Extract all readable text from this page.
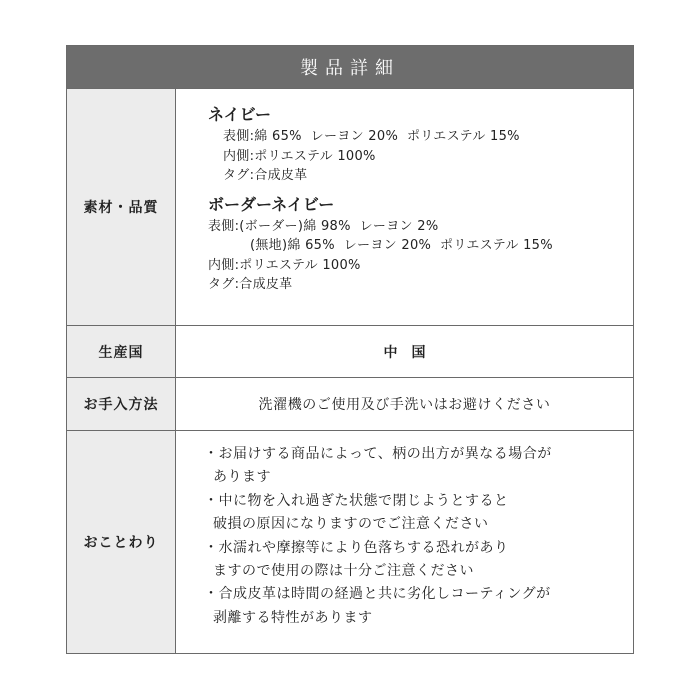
製品詳細
素材・品質
ネイビー
表側:綿 65%  レーヨン 20%  ポリエステル 15%
内側:ポリエステル 100%
タグ:合成皮革
ボーダーネイビー
表側:(ボーダー)綿 98%  レーヨン 2%
(無地)綿 65%  レーヨン 20%  ポリエステル 15%
内側:ポリエステル 100%
タグ:合成皮革
生産国	中　国
お手入方法	洗濯機のご使用及び手洗いはお避けください
おことわり
・お届けする商品によって、柄の出方が異なる場合が
あります
・中に物を入れ過ぎた状態で閉じようとすると
破損の原因になりますのでご注意ください
・水濡れや摩擦等により色落ちする恐れがあり
ますので使用の際は十分ご注意ください
・合成皮革は時間の経過と共に劣化しコーティングが
剥離する特性があります
